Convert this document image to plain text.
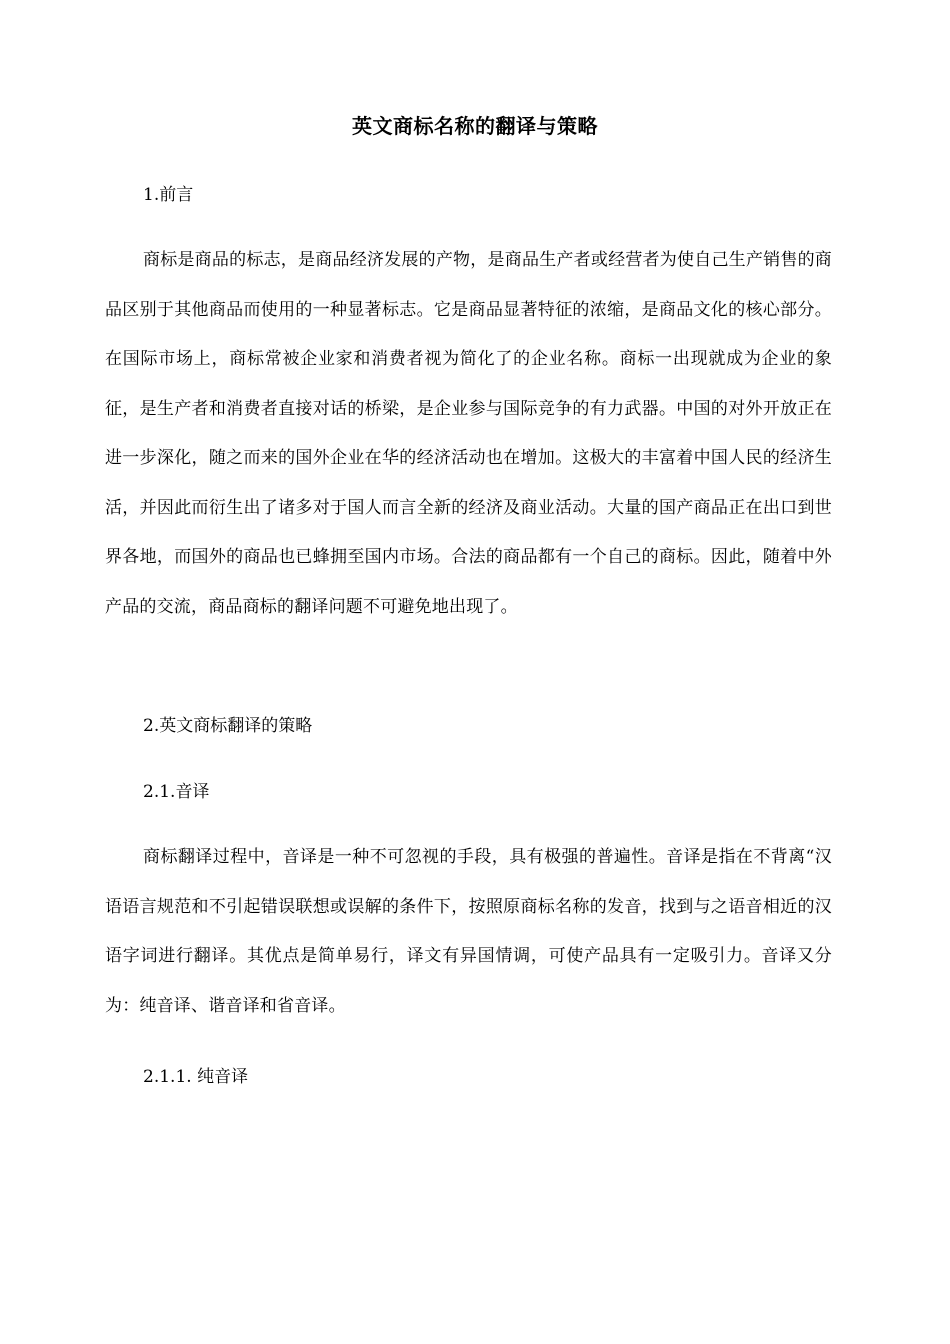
英文商标名称的翻译与策略
1.前言
商标是商品的标志，是商品经济发展的产物，是商品生产者或经营者为使自己生产销售的商品区别于其他商品而使用的一种显著标志。它是商品显著特征的浓缩，是商品文化的核心部分。在国际市场上，商标常被企业家和消费者视为简化了的企业名称。商标一出现就成为企业的象征，是生产者和消费者直接对话的桥梁，是企业参与国际竞争的有力武器。中国的对外开放正在进一步深化，随之而来的国外企业在华的经济活动也在增加。这极大的丰富着中国人民的经济生活，并因此而衍生出了诸多对于国人而言全新的经济及商业活动。大量的国产商品正在出口到世界各地，而国外的商品也已蜂拥至国内市场。合法的商品都有一个自己的商标。因此，随着中外产品的交流，商品商标的翻译问题不可避免地出现了。
2.英文商标翻译的策略
2.1.音译
商标翻译过程中，音译是一种不可忽视的手段，具有极强的普遍性。音译是指在不背离“汉语语言规范和不引起错误联想或误解的条件下，按照原商标名称的发音，找到与之语音相近的汉语字词进行翻译。其优点是简单易行，译文有异国情调，可使产品具有一定吸引力。音译又分为：纯音译、谐音译和省音译。
2.1.1. 纯音译
